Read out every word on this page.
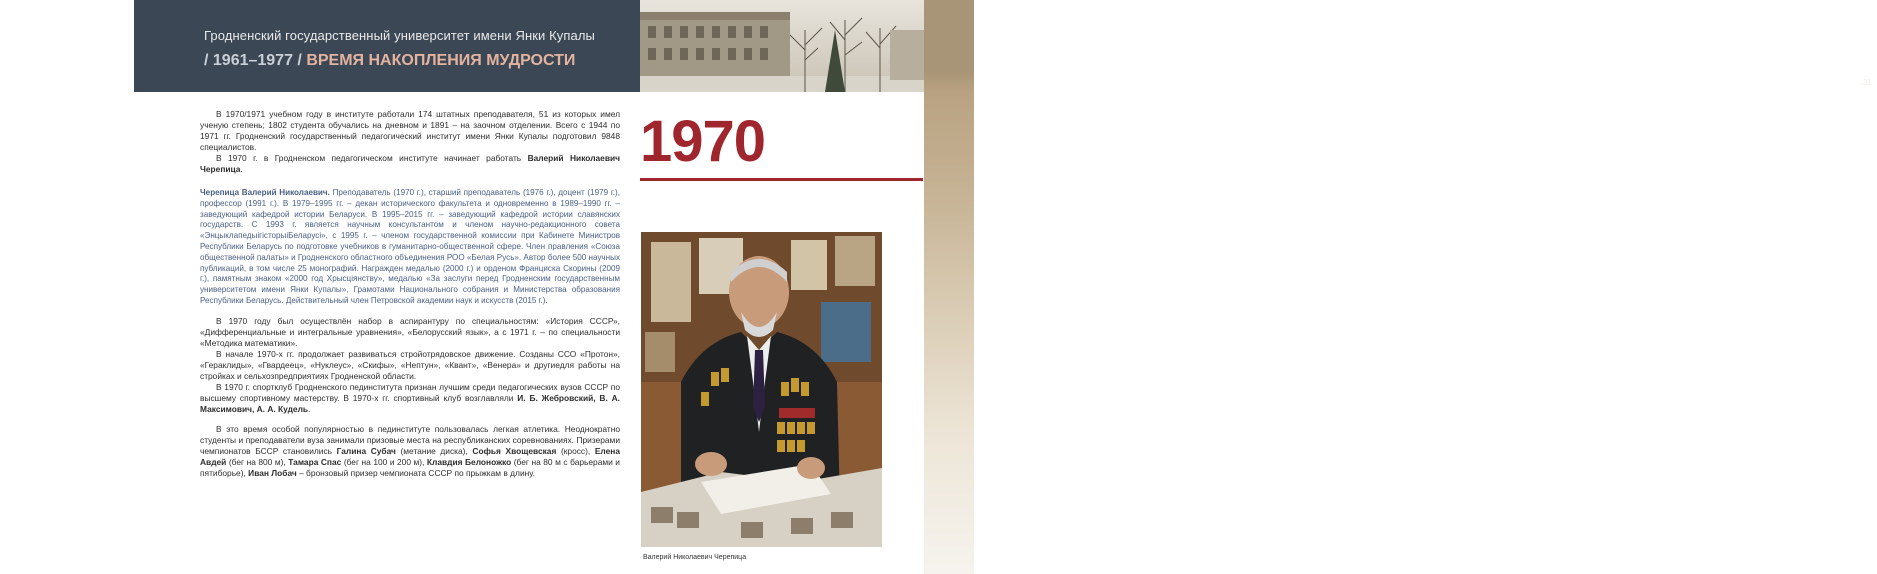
Гродненский государственный университет имени Янки Купалы
/ 1961–1977 / ВРЕМЯ НАКОПЛЕНИЯ МУДРОСТИ
31
ИСТОРИЧЕСКИЙ ОЧЕРК

В 1970/1971 учебном году в институте работали 174 штатных преподавателя, 51 из которых имел ученую степень; 1802 студента обучались на дневном и 1891 – на заочном отделении. Всего с 1944 по 1971 гг. Гродненский государственный педагогический институт имени Янки Купалы подготовил 9848 специалистов.

В 1970 г. в Гродненском педагогическом институте начинает работать Валерий Николаевич Черепица.

Черепица Валерий Николаевич. Преподаватель (1970 г.), старший преподаватель (1976 г.), доцент (1979 г.), профессор (1991 г.). В 1979–1995 гг. – декан исторического факультета и одновременно в 1989–1990 гг. – заведующий кафедрой истории Беларуси. В 1995–2015 гг. – заведующий кафедрой истории славянских государств. С 1993 г. является научным консультантом и членом научно-редакционного совета «ЭнцыклапедыігісторыіБеларусі», с 1995 г. – членом государственной комиссии при Кабинете Министров Республики Беларусь по подготовке учебников в гуманитарно-общественной сфере. Член правления «Союза общественной палаты» и Гродненского областного объединения РОО «Белая Русь». Автор более 500 научных публикаций, в том числе 25 монографий. Награжден медалью (2000 г.) и орденом Франциска Скорины (2009 г.), памятным знаком «2000 год Хрысціянству», медалью «За заслуги перед Гродненским государственным университетом имени Янки Купалы», Грамотами Национального собрания и Министерства образования Республики Беларусь. Действительный член Петровской академии наук и искусств (2015 г.).

В 1970 году был осуществлён набор в аспирантуру по специальностям: «История СССР», «Дифференциальные и интегральные уравнения», «Белорусский язык», а с 1971 г. – по специальности «Методика математики».

В начале 1970-х гг. продолжает развиваться стройотрядовское движение. Созданы ССО «Протон», «Гераклиды», «Гвардеец», «Нуклеус», «Скифы», «Нептун», «Квант», «Венера» и другиедля работы на стройках и сельхозпредприятиях Гродненской области.

В 1970 г. спортклуб Гродненского пединститута признан лучшим среди педагогических вузов СССР по высшему спортивному мастерству. В 1970-х гг. спортивный клуб возглавляли И. Б. Жебровский, В. А. Максимович, А. А. Кудель.

В это время особой популярностью в пединституте пользовалась легкая атлетика. Неоднократно студенты и преподаватели вуза занимали призовые места на республиканских соревнованиях. Призерами чемпионатов БССР становились Галина Субач (метание диска), Софья Хвощевская (кросс), Елена Авдей (бег на 800 м), Тамара Спас (бег на 100 и 200 м), Клавдия Белоножко (бег на 80 м с барьерами и пятиборье), Иван Лобач – бронзовый призер чемпионата СССР по прыжкам в длину.

1970
Валерий Николаевич Черепица
